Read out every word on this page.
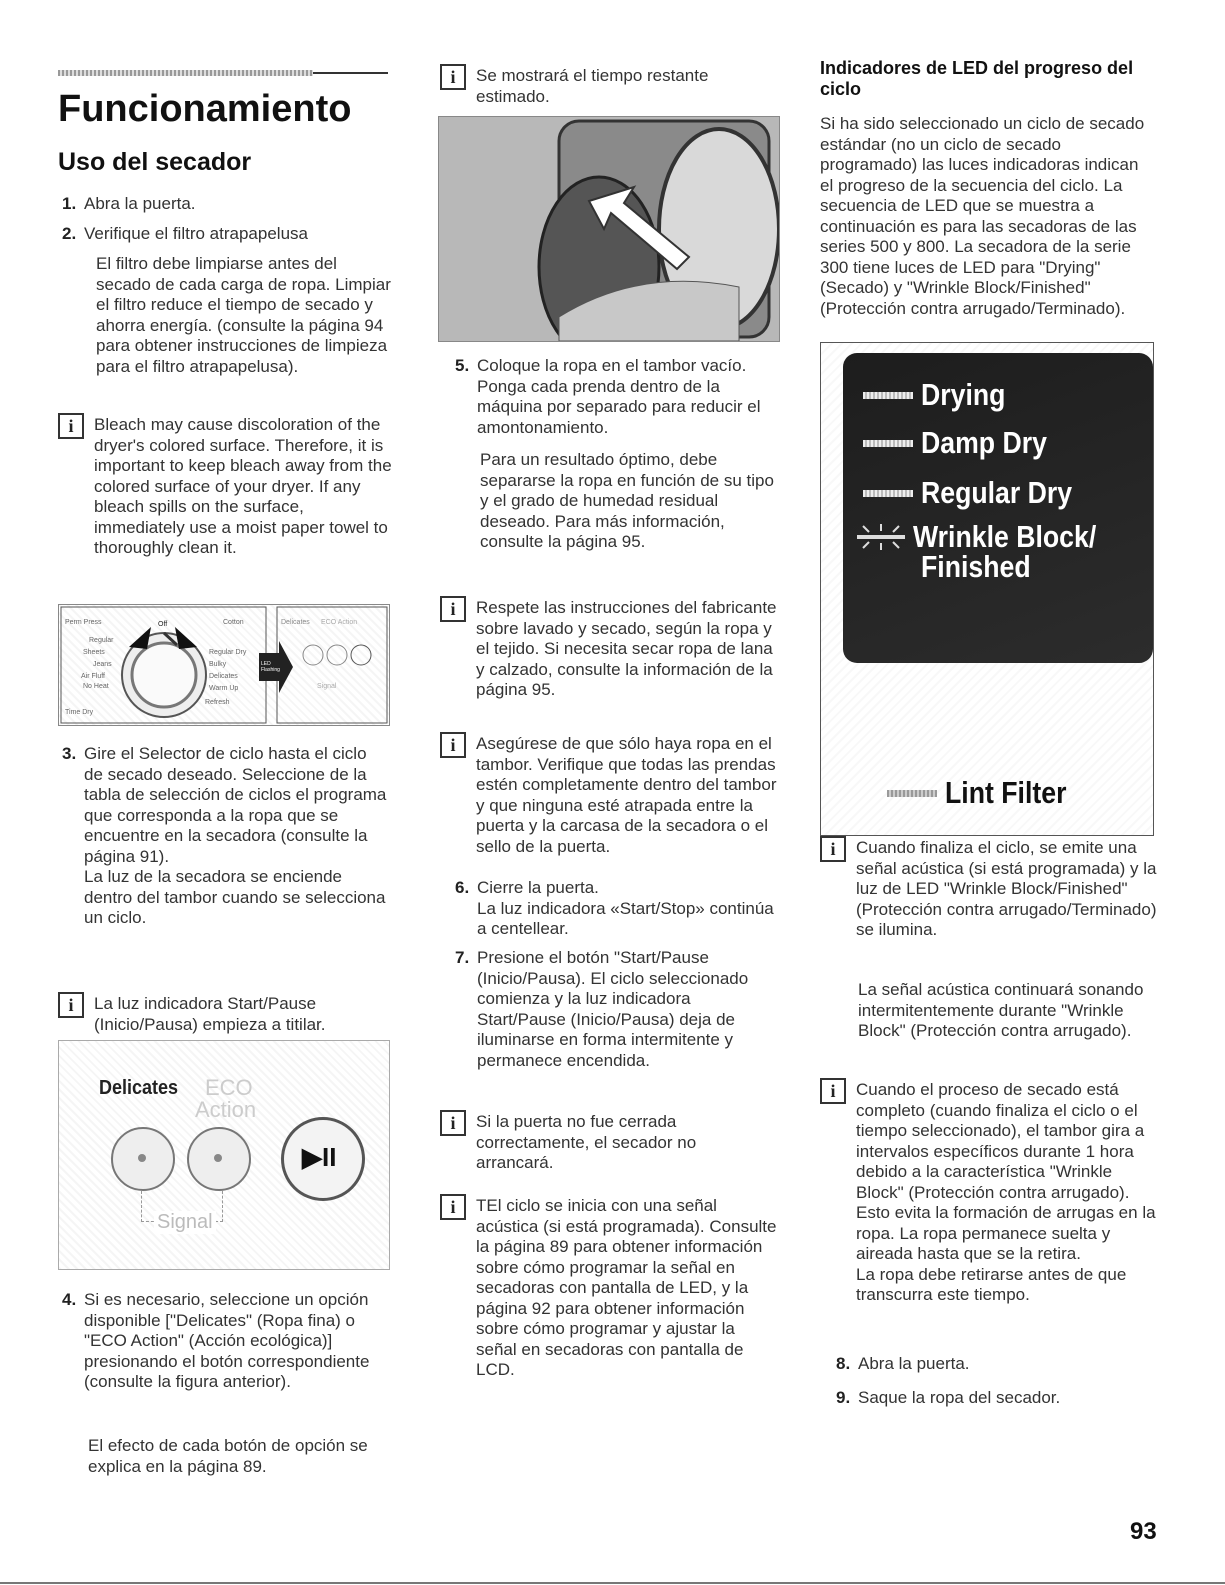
Funcionamiento
Uso del secador
1. Abra la puerta.
2. Verifique el filtro atrapapelusa

El filtro debe limpiarse antes del secado de cada carga de ropa. Limpiar el filtro reduce el tiempo de secado y ahorra energía. (consulte la página 94 para obtener instrucciones de limpieza para el filtro atrapapelusa).

i	Bleach may cause discoloration of the dryer's colored surface. Therefore, it is important to keep bleach away from the colored surface of your dryer. If any bleach spills on the surface, immediately use a moist paper towel to thoroughly clean it.
Perm Press
Regular
Sheets
Jeans
Air Fluff
No Heat
Time Dry
Cotton
Regular Dry
Bulky
Delicates
Warm Up
Refresh
Off	Delicates ECO Action
Signal
LED Flashing
3. Gire el Selector de ciclo hasta el ciclo de secado deseado. Seleccione de la tabla de selección de ciclos el programa que corresponda a la ropa que se encuentre en la secadora (consulte la página 91).

La luz de la secadora se enciende dentro del tambor cuando se selecciona un ciclo.

i	La luz indicadora Start/Pause (Inicio/Pausa) empieza a titilar.
Delicates ECO
Action
▶II
Signal
4. Si es necesario, seleccione un opción disponible ["Delicates" (Ropa fina) o "ECO Action" (Acción ecológica)] presionando el botón correspondiente (consulte la figura anterior).

El efecto de cada botón de opción se explica en la página 89.

i	Se mostrará el tiempo restante estimado.
5. Coloque la ropa en el tambor vacío. Ponga cada prenda dentro de la máquina por separado para reducir el amontonamiento.

Para un resultado óptimo, debe separarse la ropa en función de su tipo y el grado de humedad residual deseado. Para más información, consulte la página 95.

i	Respete las instrucciones del fabricante sobre lavado y secado, según la ropa y el tejido. Si necesita secar ropa de lana y calzado, consulte la información de la página 95.
i	Asegúrese de que sólo haya ropa en el tambor. Verifique que todas las prendas estén completamente dentro del tambor y que ninguna esté atrapada entre la puerta y la carcasa de la secadora o el sello de la puerta.
6. Cierre la puerta.

La luz indicadora «Start/Stop» continúa a centellear.

7. Presione el botón "Start/Pause (Inicio/Pausa). El ciclo seleccionado comienza y la luz indicadora Start/Pause (Inicio/Pausa) deja de iluminarse en forma intermitente y permanece encendida.
i	Si la puerta no fue cerrada correctamente, el secador no arrancará.
i	TEl ciclo se inicia con una señal acústica (si está programada). Consulte la página 89 para obtener información sobre cómo programar la señal en secadoras con pantalla de LED, y la página 92 para obtener información sobre cómo programar y ajustar la señal en secadoras con pantalla de LCD.
Indicadores de LED del progreso del ciclo

Si ha sido seleccionado un ciclo de secado estándar (no un ciclo de secado programado) las luces indicadoras indican el progreso de la secuencia del ciclo. La secuencia de LED que se muestra a continuación es para las secadoras de las series 500 y 800. La secadora de la serie 300 tiene luces de LED para "Drying" (Secado) y "Wrinkle Block/Finished" (Protección contra arrugado/Terminado).

Drying
Damp Dry
Regular Dry
Wrinkle Block/
Finished
Lint Filter
i	Cuando finaliza el ciclo, se emite una señal acústica (si está programada) y la luz de LED "Wrinkle Block/Finished" (Protección contra arrugado/Terminado) se ilumina.

La señal acústica continuará sonando intermitentemente durante "Wrinkle Block" (Protección contra arrugado).

i	Cuando el proceso de secado está completo (cuando finaliza el ciclo o el tiempo seleccionado), el tambor gira a intervalos específicos durante 1 hora debido a la característica "Wrinkle Block" (Protección contra arrugado). Esto evita la formación de arrugas en la ropa. La ropa permanece suelta y aireada hasta que se la retira.

La ropa debe retirarse antes de que transcurra este tiempo.

8. Abra la puerta.
9. Saque la ropa del secador.
93
